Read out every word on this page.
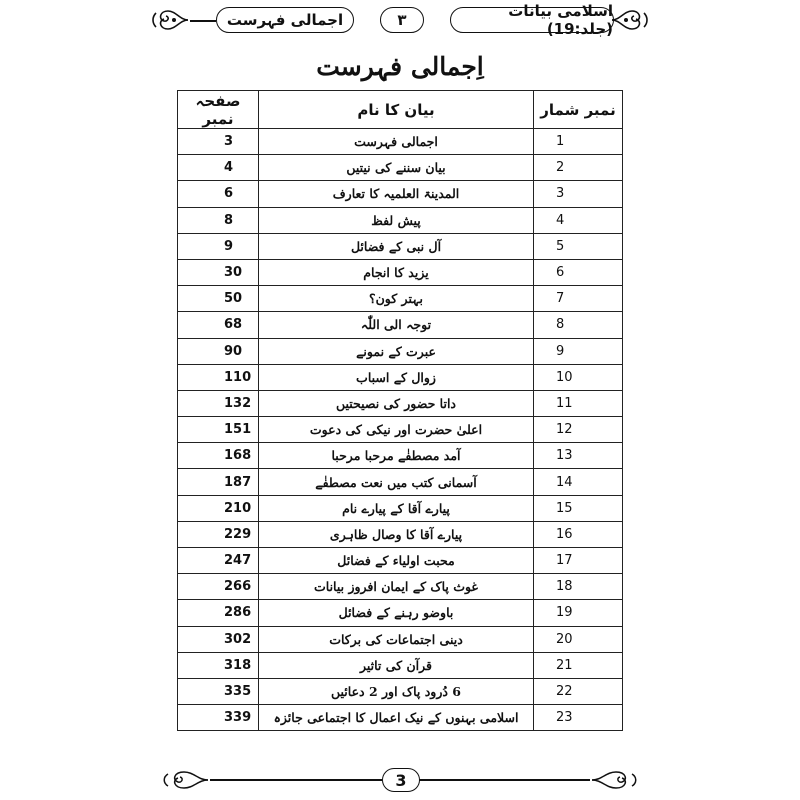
اسلامی بیانات (جلد:19)
۳
اجمالی فہرست
اِجمالی فہرست
صفحہ نمبر	بیان کا نام	نمبر شمار
3	اجمالی فہرست	1
4	بیان سننے کی نیتیں	2
6	المدینۃ العلمیہ کا تعارف	3
8	پیش لفظ	4
9	آل نبی کے فضائل	5
30	یزید کا انجام	6
50	بہتر کون؟	7
68	توجہ الی اللّٰہ	8
90	عبرت کے نمونے	9
110	زوال کے اسباب	10
132	داتا حضور کی نصیحتیں	11
151	اعلیٰ حضرت اور نیکی کی دعوت	12
168	آمد مصطفٰے مرحبا مرحبا	13
187	آسمانی کتب میں نعت مصطفٰے	14
210	پیارے آقا کے پیارے نام	15
229	پیارے آقا کا وصال ظاہری	16
247	محبت اولیاء کے فضائل	17
266	غوث پاک کے ایمان افروز بیانات	18
286	باوضو رہنے کے فضائل	19
302	دینی اجتماعات کی برکات	20
318	قرآن کی تاثیر	21
335	6 دُرود پاک اور 2 دعائیں	22
339	اسلامی بہنوں کے نیک اعمال کا اجتماعی جائزہ	23
3
